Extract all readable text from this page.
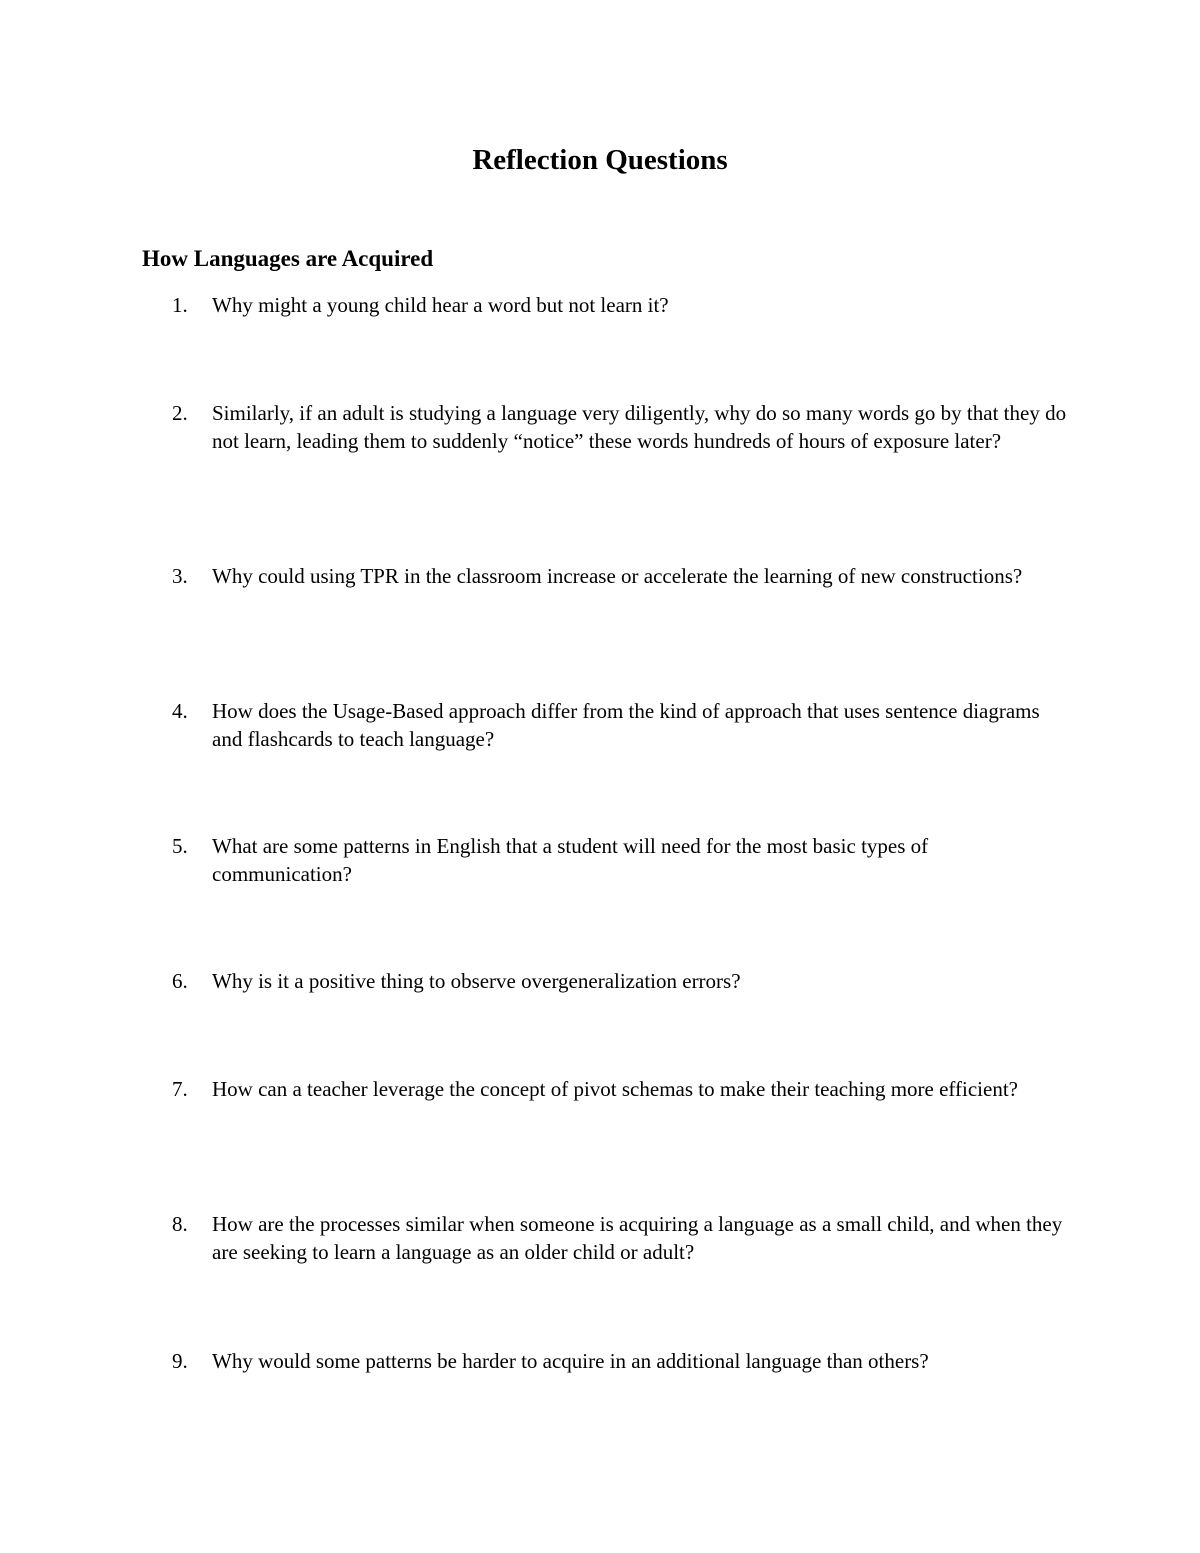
Reflection Questions
How Languages are Acquired
1.	Why might a young child hear a word but not learn it?
2.	Similarly, if an adult is studying a language very diligently, why do so many words go by that they do not learn, leading them to suddenly “notice” these words hundreds of hours of exposure later?
3.	Why could using TPR in the classroom increase or accelerate the learning of new constructions?
4.	How does the Usage-Based approach differ from the kind of approach that uses sentence diagrams and flashcards to teach language?
5.	What are some patterns in English that a student will need for the most basic types of communication?
6.	Why is it a positive thing to observe overgeneralization errors?
7.	How can a teacher leverage the concept of pivot schemas to make their teaching more efficient?
8.	How are the processes similar when someone is acquiring a language as a small child, and when they are seeking to learn a language as an older child or adult?
9.	Why would some patterns be harder to acquire in an additional language than others?
